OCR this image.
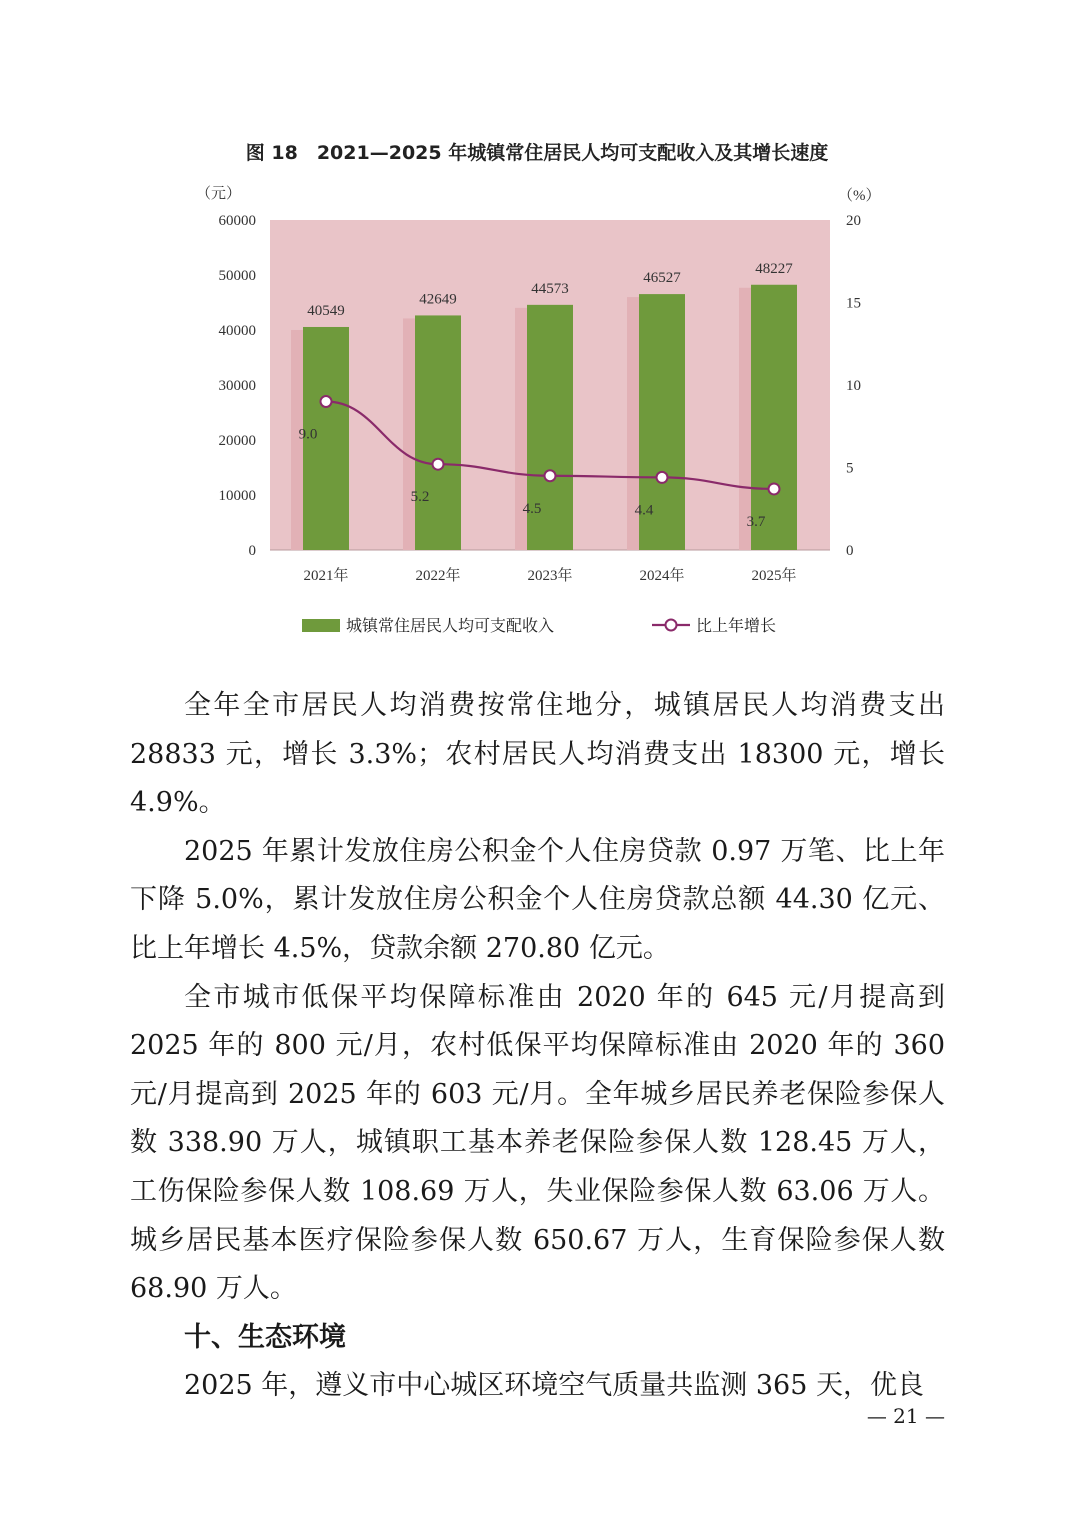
图 18　2021—2025 年城镇常住居民人均可支配收入及其增长速度
（元）	（%）
0
10000
20000
30000
40000
50000
60000
0
5
10
15
20
40549
42649
44573
46527
48227
2021年	2022年	2023年	2024年	2025年
9.0
5.2
4.5	4.4
3.7
城镇常住居民人均可支配收入	比上年增长

全年全市居民人均消费按常住地分，城镇居民人均消费支出 28833 元，增长 3.3%；农村居民人均消费支出 18300 元，增长 4.9%。

2025 年累计发放住房公积金个人住房贷款 0.97 万笔、比上年下降 5.0%，累计发放住房公积金个人住房贷款总额 44.30 亿元、比上年增长 4.5%，贷款余额 270.80 亿元。

全市城市低保平均保障标准由 2020 年的 645 元/月提高到 2025 年的 800 元/月，农村低保平均保障标准由 2020 年的 360 元/月提高到 2025 年的 603 元/月。全年城乡居民养老保险参保人数 338.90 万人，城镇职工基本养老保险参保人数 128.45 万人，工伤保险参保人数 108.69 万人，失业保险参保人数 63.06 万人。城乡居民基本医疗保险参保人数 650.67 万人，生育保险参保人数 68.90 万人。

十、生态环境

2025 年，遵义市中心城区环境空气质量共监测 365 天，优良

— 21 —
